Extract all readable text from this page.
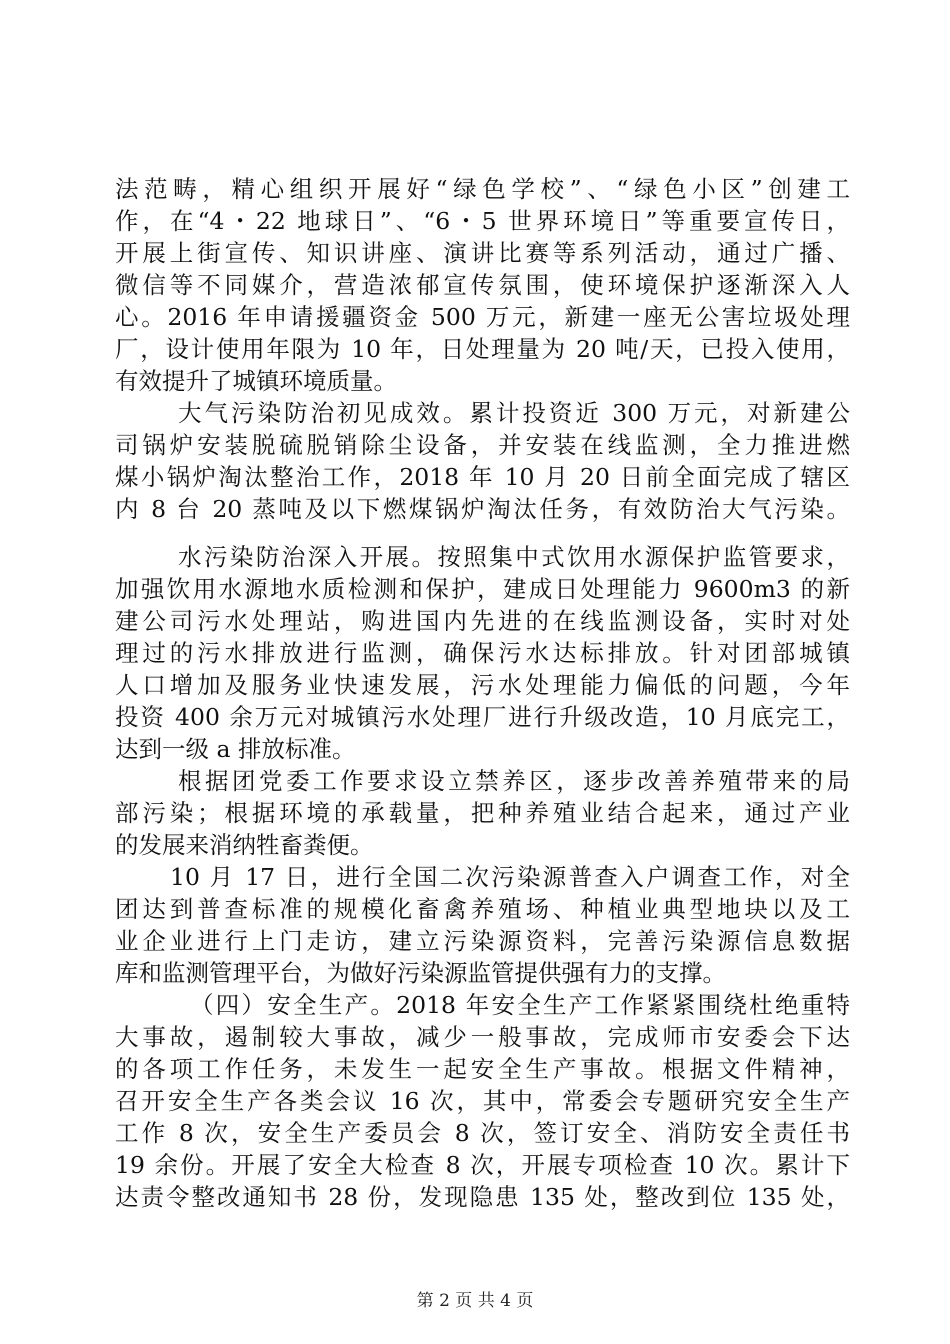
法范畴，精心组织开展好“绿色学校”、“绿色小区”创建工
作，在“4・22 地球日”、“6・5 世界环境日”等重要宣传日，
开展上街宣传、知识讲座、演讲比赛等系列活动，通过广播、
微信等不同媒介，营造浓郁宣传氛围，使环境保护逐渐深入人
心。2016 年申请援疆资金 500 万元，新建一座无公害垃圾处理
厂，设计使用年限为 10 年，日处理量为 20 吨/天，已投入使用，
有效提升了城镇环境质量。
大气污染防治初见成效。累计投资近 300 万元，对新建公
司锅炉安装脱硫脱销除尘设备，并安装在线监测，全力推进燃
煤小锅炉淘汰整治工作，2018 年 10 月 20 日前全面完成了辖区
内 8 台 20 蒸吨及以下燃煤锅炉淘汰任务，有效防治大气污染。
水污染防治深入开展。按照集中式饮用水源保护监管要求，
加强饮用水源地水质检测和保护，建成日处理能力 9600m3 的新
建公司污水处理站，购进国内先进的在线监测设备，实时对处
理过的污水排放进行监测，确保污水达标排放。针对团部城镇
人口增加及服务业快速发展，污水处理能力偏低的问题，今年
投资 400 余万元对城镇污水处理厂进行升级改造，10 月底完工，
达到一级 a 排放标准。
根据团党委工作要求设立禁养区，逐步改善养殖带来的局
部污染；根据环境的承载量，把种养殖业结合起来，通过产业
的发展来消纳牲畜粪便。
10 月 17 日，进行全国二次污染源普查入户调查工作，对全
团达到普查标准的规模化畜禽养殖场、种植业典型地块以及工
业企业进行上门走访，建立污染源资料，完善污染源信息数据
库和监测管理平台，为做好污染源监管提供强有力的支撑。
（四）安全生产。2018 年安全生产工作紧紧围绕杜绝重特
大事故，遏制较大事故，减少一般事故，完成师市安委会下达
的各项工作任务，未发生一起安全生产事故。根据文件精神，
召开安全生产各类会议 16 次，其中，常委会专题研究安全生产
工作 8 次，安全生产委员会 8 次，签订安全、消防安全责任书
19 余份。开展了安全大检查 8 次，开展专项检查 10 次。累计下
达责令整改通知书 28 份，发现隐患 135 处，整改到位 135 处，
第 2 页 共 4 页
